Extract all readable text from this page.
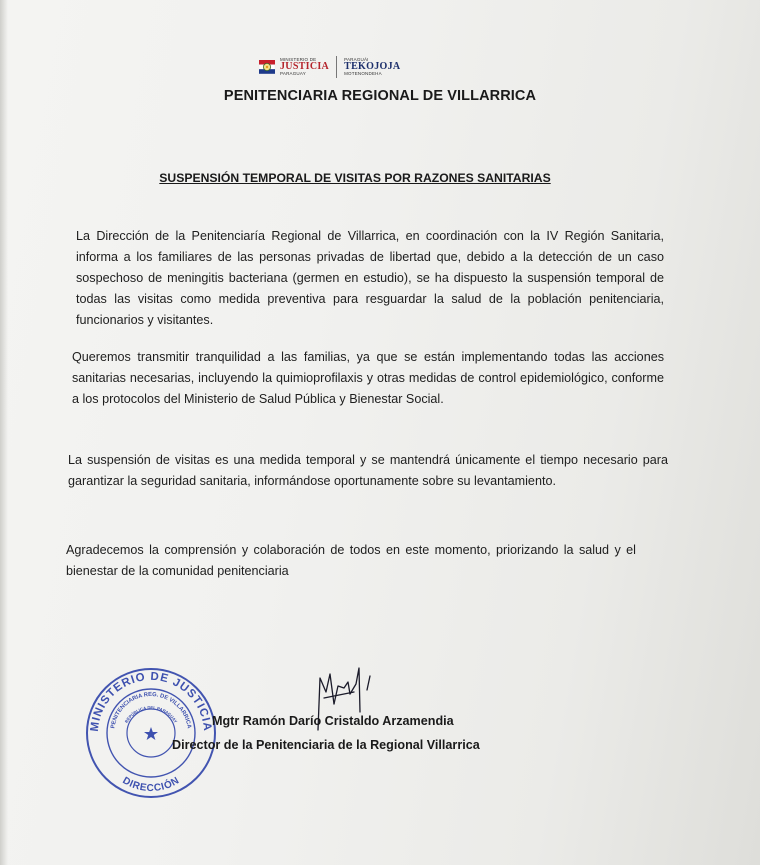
MINISTERIO DE
JUSTICIA
PARAGUAY
PARAGUÁI
TEKOJOJA
MOTENONDEHA
PENITENCIARIA REGIONAL DE VILLARRICA
SUSPENSIÓN TEMPORAL DE VISITAS POR RAZONES SANITARIAS
La Dirección de la Penitenciaría Regional de Villarrica, en coordinación con la IV Región Sanitaria, informa a los familiares de las personas privadas de libertad que, debido a la detección de un caso sospechoso de meningitis bacteriana (germen en estudio), se ha dispuesto la suspensión temporal de todas las visitas como medida preventiva para resguardar la salud de la población penitenciaria, funcionarios y visitantes.
Queremos transmitir tranquilidad a las familias, ya que se están implementando todas las acciones sanitarias necesarias, incluyendo la quimioprofilaxis y otras medidas de control epidemiológico, conforme a los protocolos del Ministerio de Salud Pública y Bienestar Social.
La suspensión de visitas es una medida temporal y se mantendrá únicamente el tiempo necesario para garantizar la seguridad sanitaria, informándose oportunamente sobre su levantamiento.
Agradecemos la comprensión y colaboración de todos en este momento, priorizando la salud y el bienestar de la comunidad penitenciaria
MINISTERIO DE JUSTICIA
PENITENCIARIA REG. DE VILLARRICA
REPÚBLICA DEL PARAGUAY
DIRECCIÓN
Mgtr Ramón Darío Cristaldo Arzamendia
Director de la Penitenciaria de la Regional Villarrica
